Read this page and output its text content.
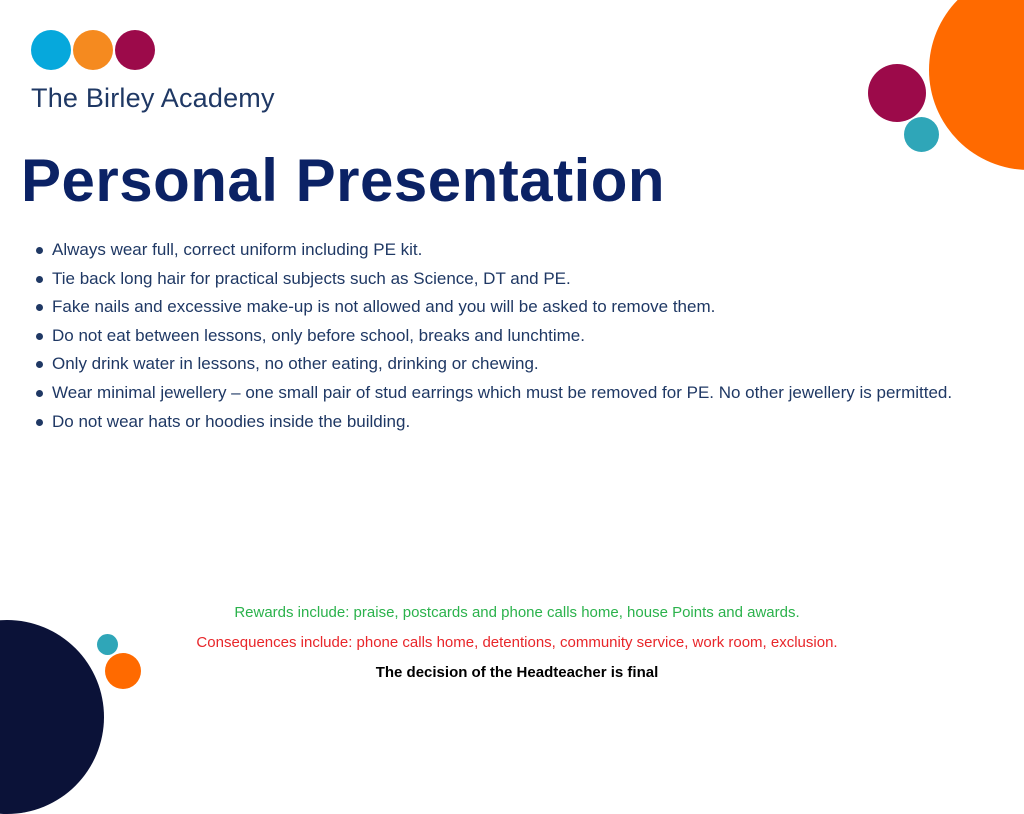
The Birley Academy
Personal Presentation
Always wear full, correct uniform including PE kit.
Tie back long hair for practical subjects such as Science, DT and PE.
Fake nails and excessive make-up is not allowed and you will be asked to remove them.
Do not eat between lessons, only before school, breaks and lunchtime.
Only drink water in lessons, no other eating, drinking or chewing.
Wear minimal jewellery – one small pair of stud earrings which must be removed for PE. No other jewellery is permitted.
Do not wear hats or hoodies inside the building.
Rewards include: praise, postcards and phone calls home, house Points and awards.
Consequences include: phone calls home, detentions, community service, work room, exclusion.
The decision of the Headteacher is final
